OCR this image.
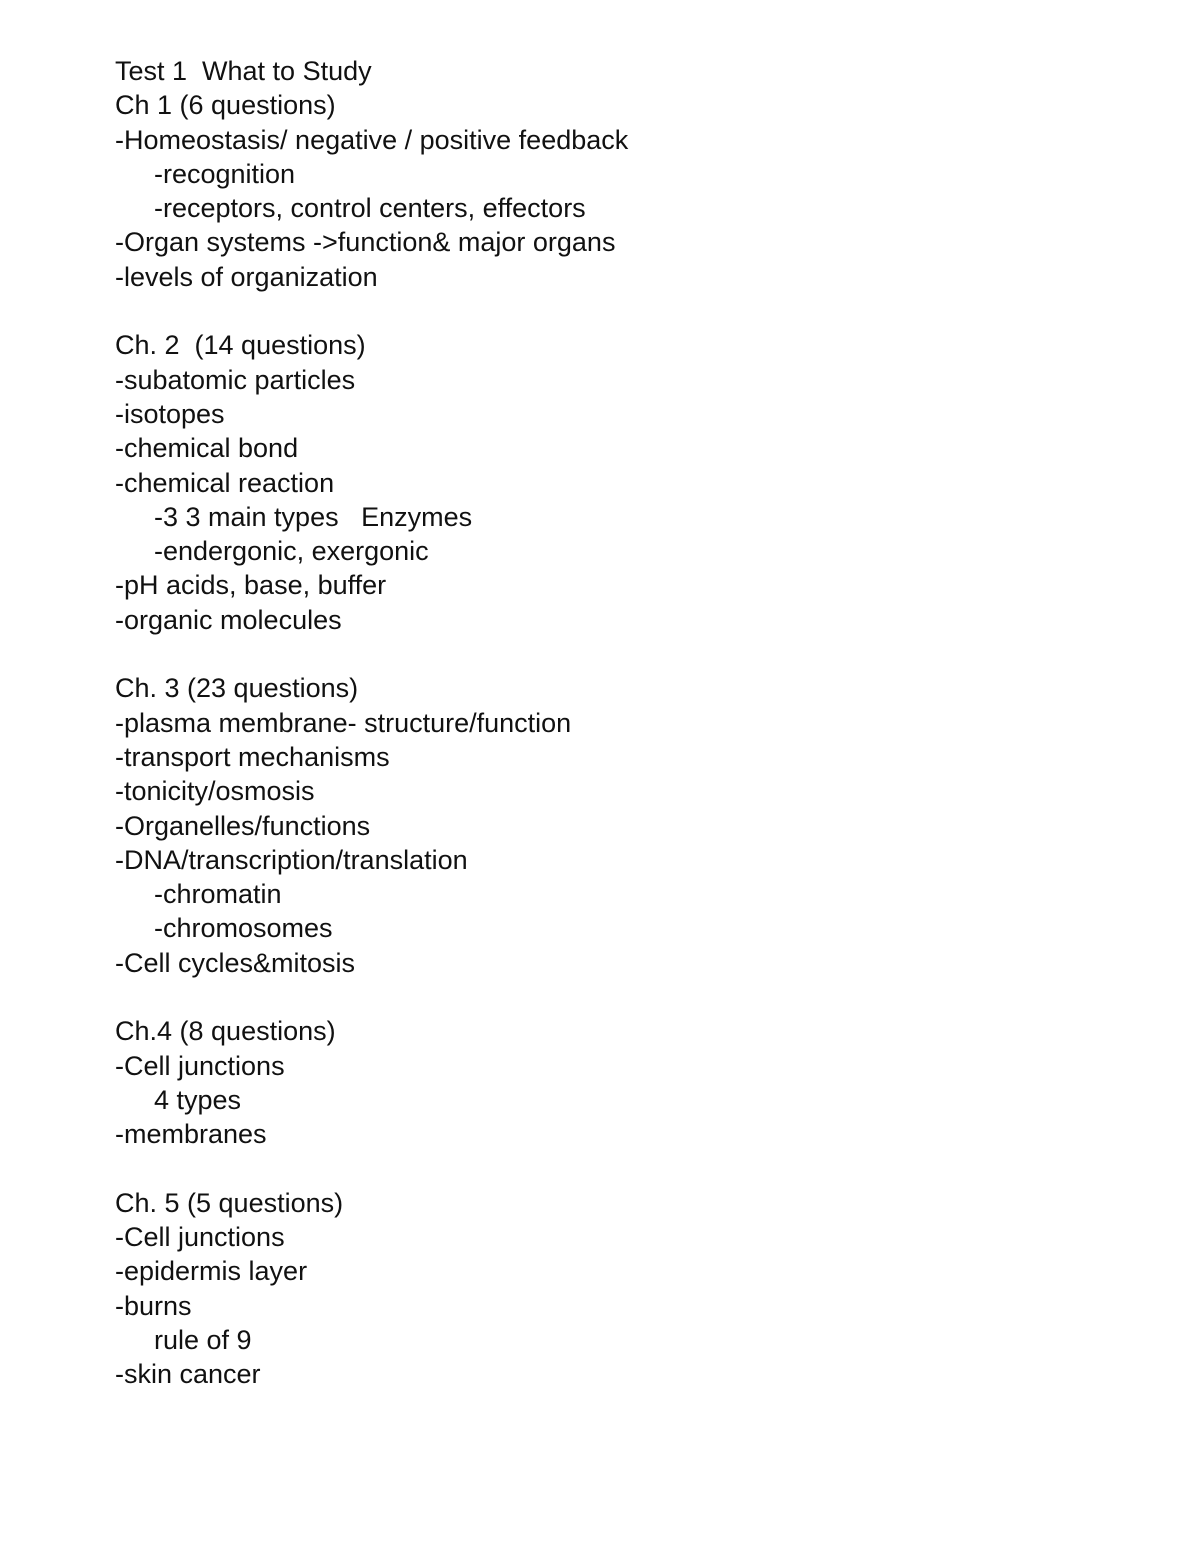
Test 1  What to Study
Ch 1 (6 questions)
-Homeostasis/ negative / positive feedback
-recognition
-receptors, control centers, effectors
-Organ systems ->function& major organs
-levels of organization
Ch. 2  (14 questions)
-subatomic particles
-isotopes
-chemical bond
-chemical reaction
-3 3 main types   Enzymes
-endergonic, exergonic
-pH acids, base, buffer
-organic molecules
Ch. 3 (23 questions)
-plasma membrane- structure/function
-transport mechanisms
-tonicity/osmosis
-Organelles/functions
-DNA/transcription/translation
-chromatin
-chromosomes
-Cell cycles&mitosis
Ch.4 (8 questions)
-Cell junctions
4 types
-membranes
Ch. 5 (5 questions)
-Cell junctions
-epidermis layer
-burns
rule of 9
-skin cancer
